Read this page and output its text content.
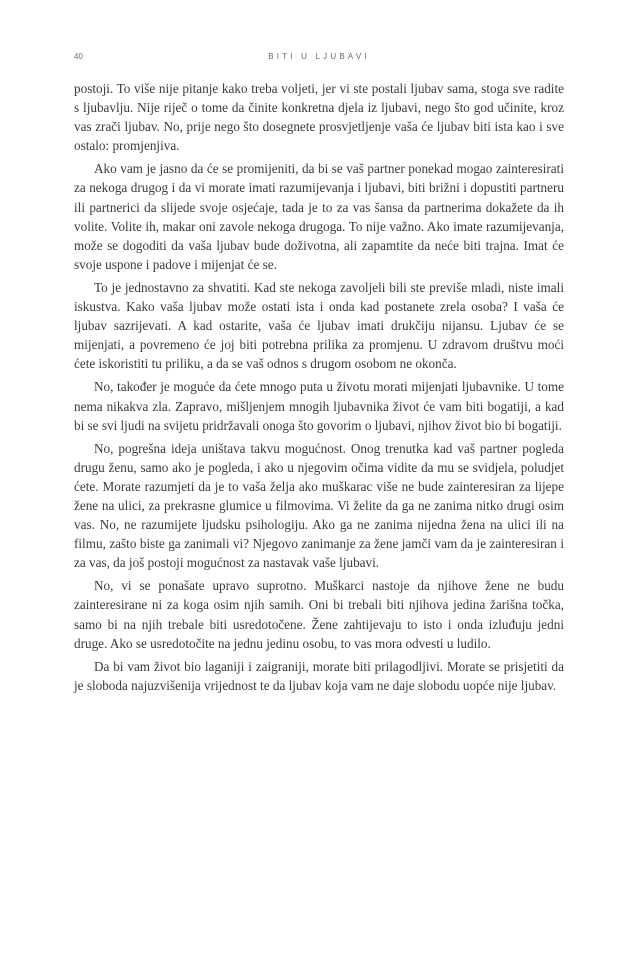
40	BITI U LJUBAVI

postoji. To više nije pitanje kako treba voljeti, jer vi ste postali ljubav sama, stoga sve radite s ljubavlju. Nije riječ o tome da činite konkretna djela iz ljubavi, nego što god učinite, kroz vas zrači ljubav. No, prije nego što dosegnete prosvjetljenje vaša će ljubav biti ista kao i sve ostalo: promjenjiva.

Ako vam je jasno da će se promijeniti, da bi se vaš partner ponekad mogao zainteresirati za nekoga drugog i da vi morate imati razumijevanja i ljubavi, biti brižni i dopustiti partneru ili partnerici da slijede svoje osjećaje, tada je to za vas šansa da partnerima dokažete da ih volite. Volite ih, makar oni zavole nekoga drugoga. To nije važno. Ako imate razumijevanja, može se dogoditi da vaša ljubav bude doživotna, ali zapamtite da neće biti trajna. Imat će svoje uspone i padove i mijenjat će se.

To je jednostavno za shvatiti. Kad ste nekoga zavoljeli bili ste previše mladi, niste imali iskustva. Kako vaša ljubav može ostati ista i onda kad postanete zrela osoba? I vaša će ljubav sazrijevati. A kad ostarite, vaša će ljubav imati drukčiju nijansu. Ljubav će se mijenjati, a povremeno će joj biti potrebna prilika za promjenu. U zdravom društvu moći ćete iskoristiti tu priliku, a da se vaš odnos s drugom osobom ne okonča.

No, također je moguće da ćete mnogo puta u životu morati mijenjati ljubavnike. U tome nema nikakva zla. Zapravo, mišljenjem mnogih ljubavnika život će vam biti bogatiji, a kad bi se svi ljudi na svijetu pridržavali onoga što govorim o ljubavi, njihov život bio bi bogatiji.

No, pogrešna ideja uništava takvu mogućnost. Onog trenutka kad vaš partner pogleda drugu ženu, samo ako je pogleda, i ako u njegovim očima vidite da mu se svidjela, poludjet ćete. Morate razumjeti da je to vaša želja ako muškarac više ne bude zainteresiran za lijepe žene na ulici, za prekrasne glumice u filmovima. Vi želite da ga ne zanima nitko drugi osim vas. No, ne razumijete ljudsku psihologiju. Ako ga ne zanima nijedna žena na ulici ili na filmu, zašto biste ga zanimali vi? Njegovo zanimanje za žene jamči vam da je zainteresiran i za vas, da još postoji mogućnost za nastavak vaše ljubavi.

No, vi se ponašate upravo suprotno. Muškarci nastoje da njihove žene ne budu zainteresirane ni za koga osim njih samih. Oni bi trebali biti njihova jedina žarišna točka, samo bi na njih trebale biti usredotočene. Žene zahtijevaju to isto i onda izluđuju jedni druge. Ako se usredotočite na jednu jedinu osobu, to vas mora odvesti u ludilo.

Da bi vam život bio laganiji i zaigraniji, morate biti prilagodljivi. Morate se prisjetiti da je sloboda najuzvišenija vrijednost te da ljubav koja vam ne daje slobodu uopće nije ljubav.
